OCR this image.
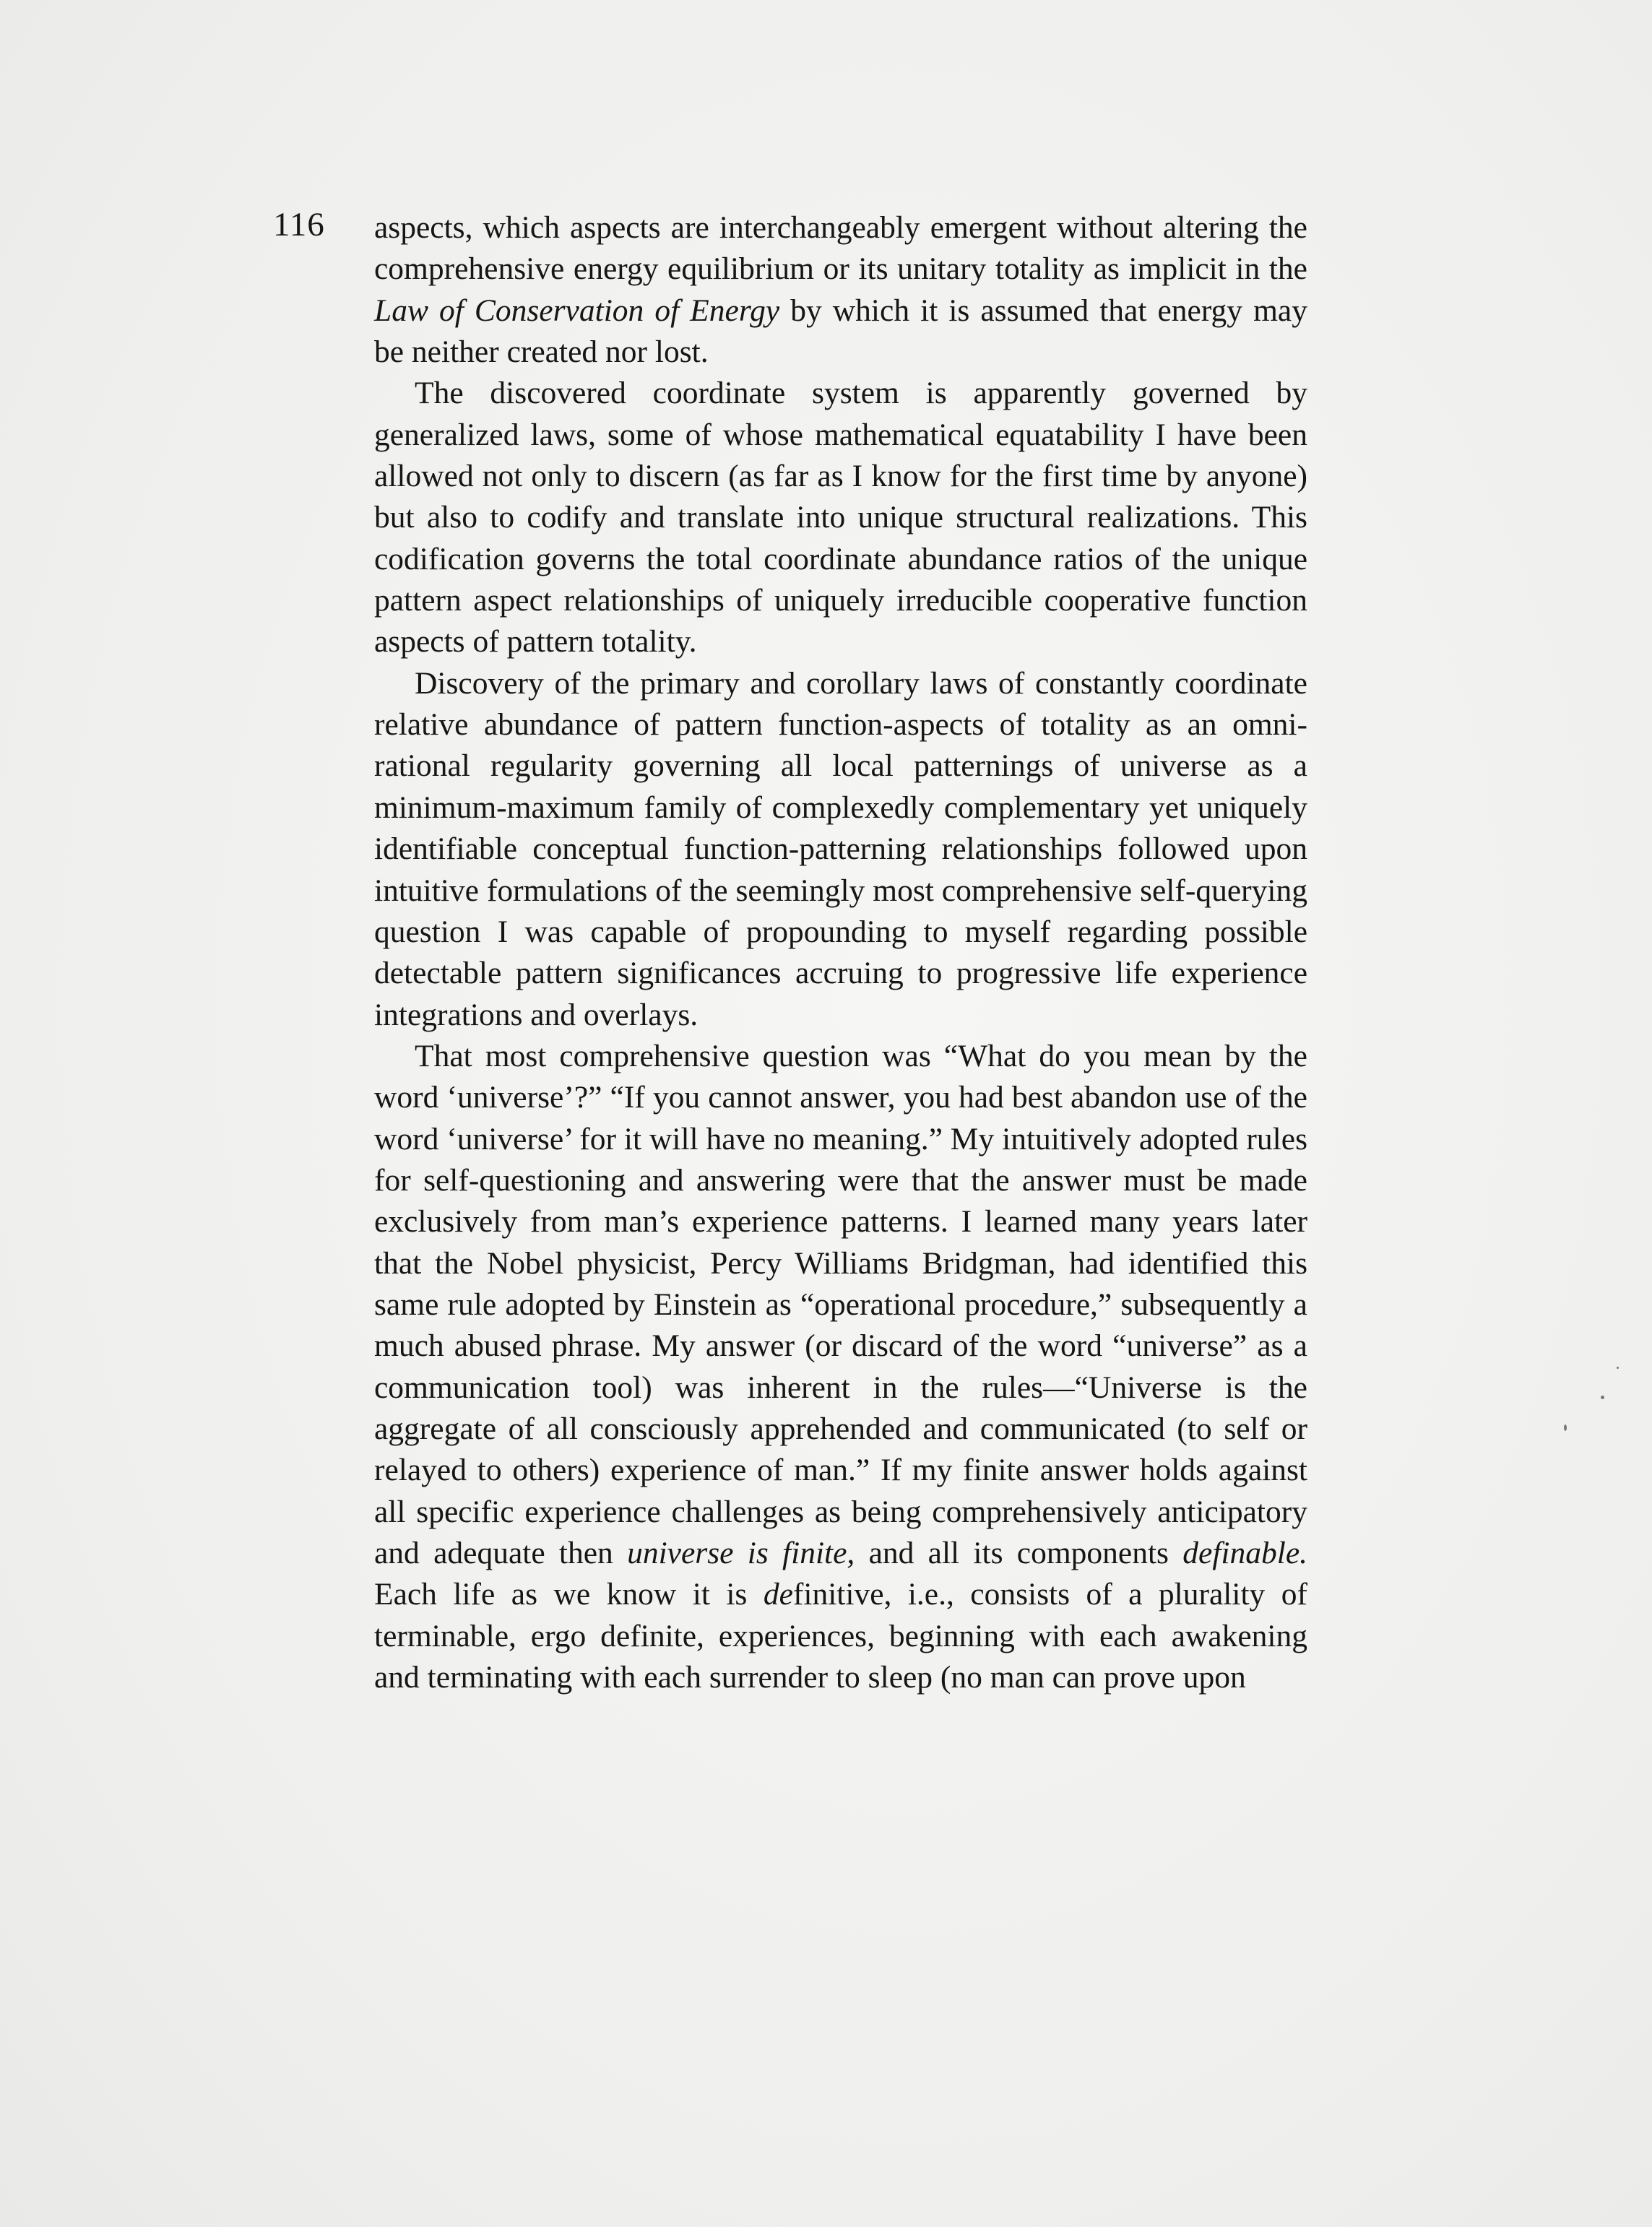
116 aspects, which aspects are interchangeably emergent without altering the comprehensive energy equilibrium or its unitary totality as implicit in the Law of Conservation of Energy by which it is assumed that energy may be neither created nor lost.

The discovered coordinate system is apparently governed by generalized laws, some of whose mathematical equatability I have been allowed not only to discern (as far as I know for the first time by anyone) but also to codify and translate into unique structural realizations. This codification governs the total coordinate abundance ratios of the unique pattern aspect relationships of uniquely irreducible cooperative function aspects of pattern totality.

Discovery of the primary and corollary laws of constantly coordinate relative abundance of pattern function-aspects of totality as an omni-rational regularity governing all local patternings of universe as a minimum-maximum family of complexedly complementary yet uniquely identifiable conceptual function-patterning relationships followed upon intuitive formulations of the seemingly most comprehensive self-querying question I was capable of propounding to myself regarding possible detectable pattern significances accruing to progressive life experience integrations and overlays.

That most comprehensive question was “What do you mean by the word ‘universe’?” “If you cannot answer, you had best abandon use of the word ‘universe’ for it will have no meaning.” My intuitively adopted rules for self-questioning and answering were that the answer must be made exclusively from man’s experience patterns. I learned many years later that the Nobel physicist, Percy Williams Bridgman, had identified this same rule adopted by Einstein as “operational procedure,” subsequently a much abused phrase. My answer (or discard of the word “universe” as a communication tool) was inherent in the rules—“Universe is the aggregate of all consciously apprehended and communicated (to self or relayed to others) experience of man.” If my finite answer holds against all specific experience challenges as being comprehensively anticipatory and adequate then universe is finite, and all its components definable. Each life as we know it is definitive, i.e., consists of a plurality of terminable, ergo definite, experiences, beginning with each awakening and terminating with each surrender to sleep (no man can prove upon
